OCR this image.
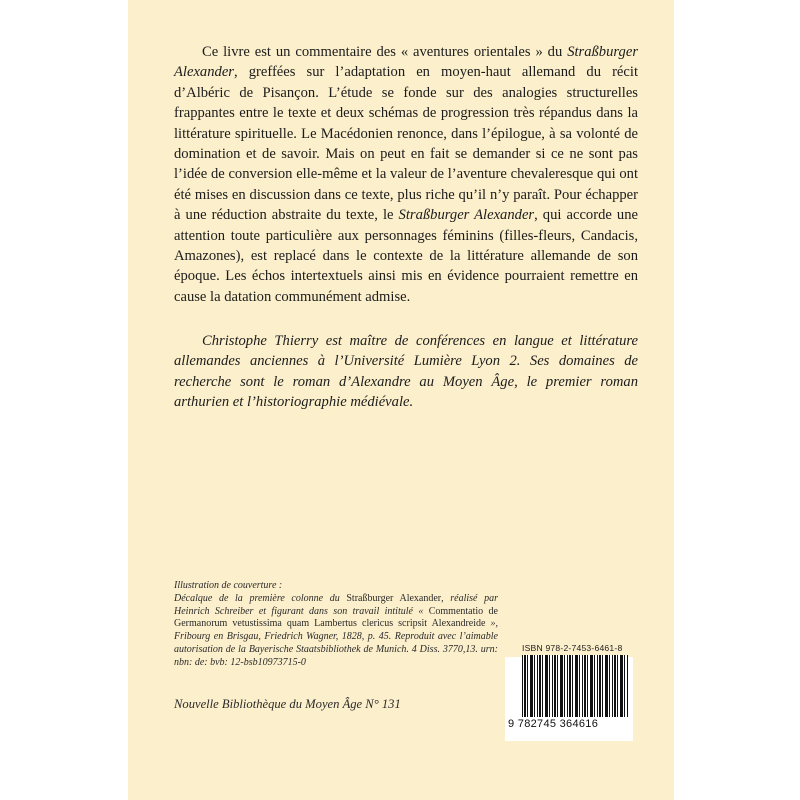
Ce livre est un commentaire des « aventures orientales » du Straßburger Alexander, greffées sur l’adaptation en moyen-haut allemand du récit d’Albéric de Pisançon. L’étude se fonde sur des analogies structurelles frappantes entre le texte et deux schémas de progression très répandus dans la littérature spirituelle. Le Macédonien renonce, dans l’épilogue, à sa volonté de domination et de savoir. Mais on peut en fait se demander si ce ne sont pas l’idée de conversion elle-même et la valeur de l’aventure chevaleresque qui ont été mises en discussion dans ce texte, plus riche qu’il n’y paraît. Pour échapper à une réduction abstraite du texte, le Straßburger Alexander, qui accorde une attention toute particulière aux personnages féminins (filles-fleurs, Candacis, Amazones), est replacé dans le contexte de la littérature allemande de son époque. Les échos intertextuels ainsi mis en évidence pourraient remettre en cause la datation communément admise.

Christophe Thierry est maître de conférences en langue et littérature allemandes anciennes à l’Université Lumière Lyon 2. Ses domaines de recherche sont le roman d’Alexandre au Moyen Âge, le premier roman arthurien et l’historiographie médiévale.

Illustration de couverture :
Décalque de la première colonne du Straßburger Alexander, réalisé par Heinrich Schreiber et figurant dans son travail intitulé « Commentatio de Germanorum vetustissima quam Lambertus clericus scripsit Alexandreide », Fribourg en Brisgau, Friedrich Wagner, 1828, p. 45. Reproduit avec l’aimable autorisation de la Bayerische Staatsbibliothek de Munich. 4 Diss. 3770,13. urn: nbn: de: bvb: 12-bsb10973715-0

Nouvelle Bibliothèque du Moyen Âge N° 131
ISBN 978-2-7453-6461-8
9 782745 364616
